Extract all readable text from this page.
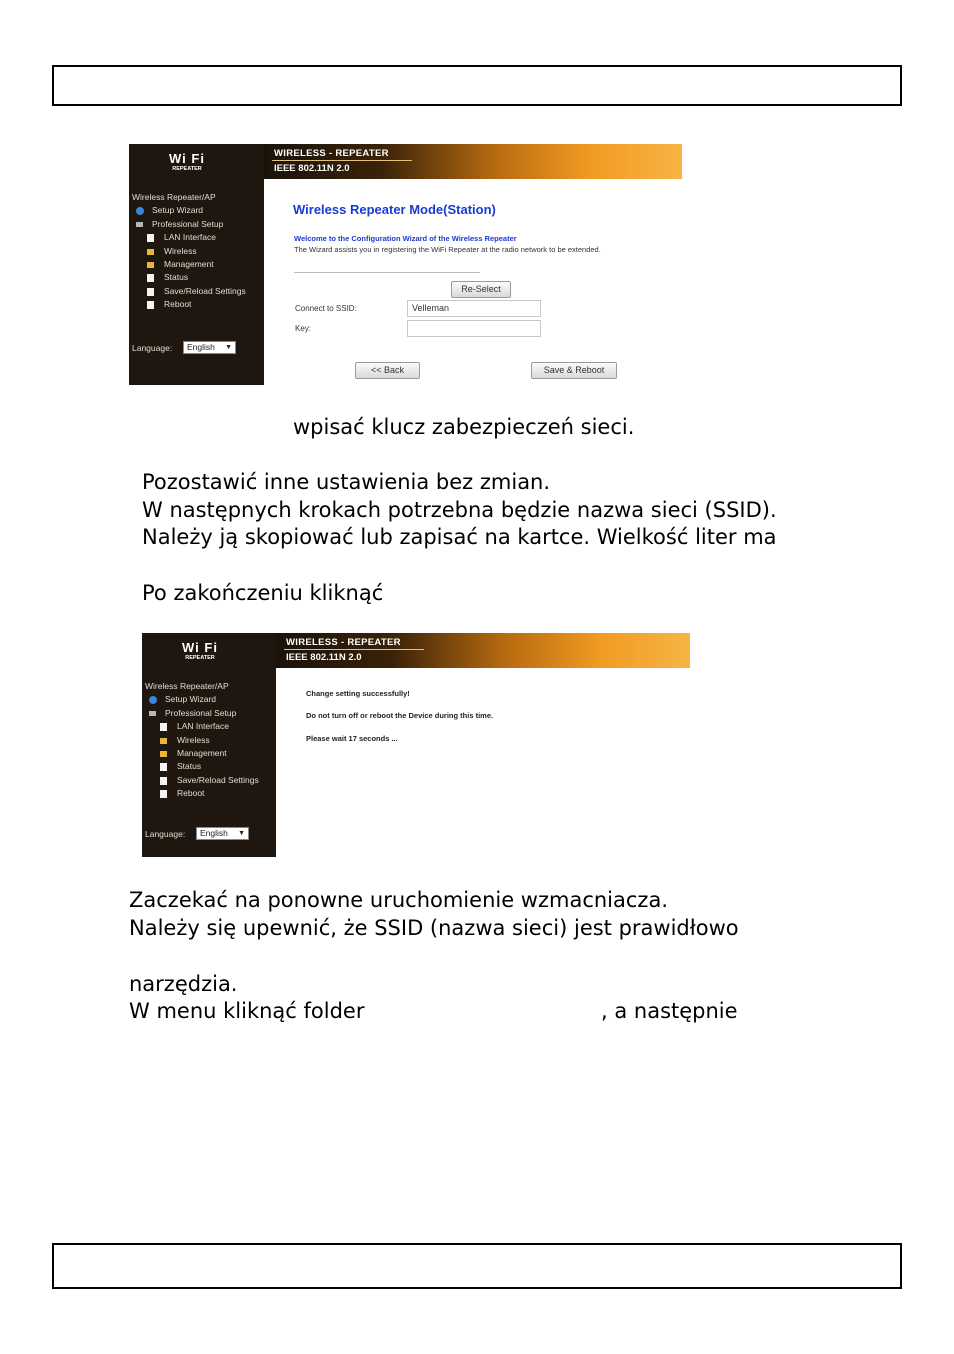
Wi Fi
REPEATER
Wireless Repeater/AP
Setup Wizard
Professional Setup
LAN Interface
Wireless
Management
Status
Save/Reload Settings
Reboot
Language:	English ▼
WIRELESS - REPEATER
IEEE 802.11N 2.0
Wireless Repeater Mode(Station)
Welcome to the Configuration Wizard of the Wireless Repeater
The Wizard assists you in registering the WiFi Repeater at the radio network to be extended.
Re-Select
Connect to SSID:	Velleman
Key:
<< Back	Save & Reboot
wpisać klucz zabezpieczeń sieci.
Pozostawić inne ustawienia bez zmian.
W następnych krokach potrzebna będzie nazwa sieci (SSID).
Należy ją skopiować lub zapisać na kartce. Wielkość liter ma
Po zakończeniu kliknąć
Wi Fi
REPEATER
Wireless Repeater/AP
Setup Wizard
Professional Setup
LAN Interface
Wireless
Management
Status
Save/Reload Settings
Reboot
Language:	English ▼
WIRELESS - REPEATER
IEEE 802.11N 2.0
Change setting successfully!
Do not turn off or reboot the Device during this time.
Please wait 17 seconds ...
Zaczekać na ponowne uruchomienie wzmacniacza.
Należy się upewnić, że SSID (nazwa sieci) jest prawidłowo
narzędzia.
W menu kliknąć folder	, a następnie
